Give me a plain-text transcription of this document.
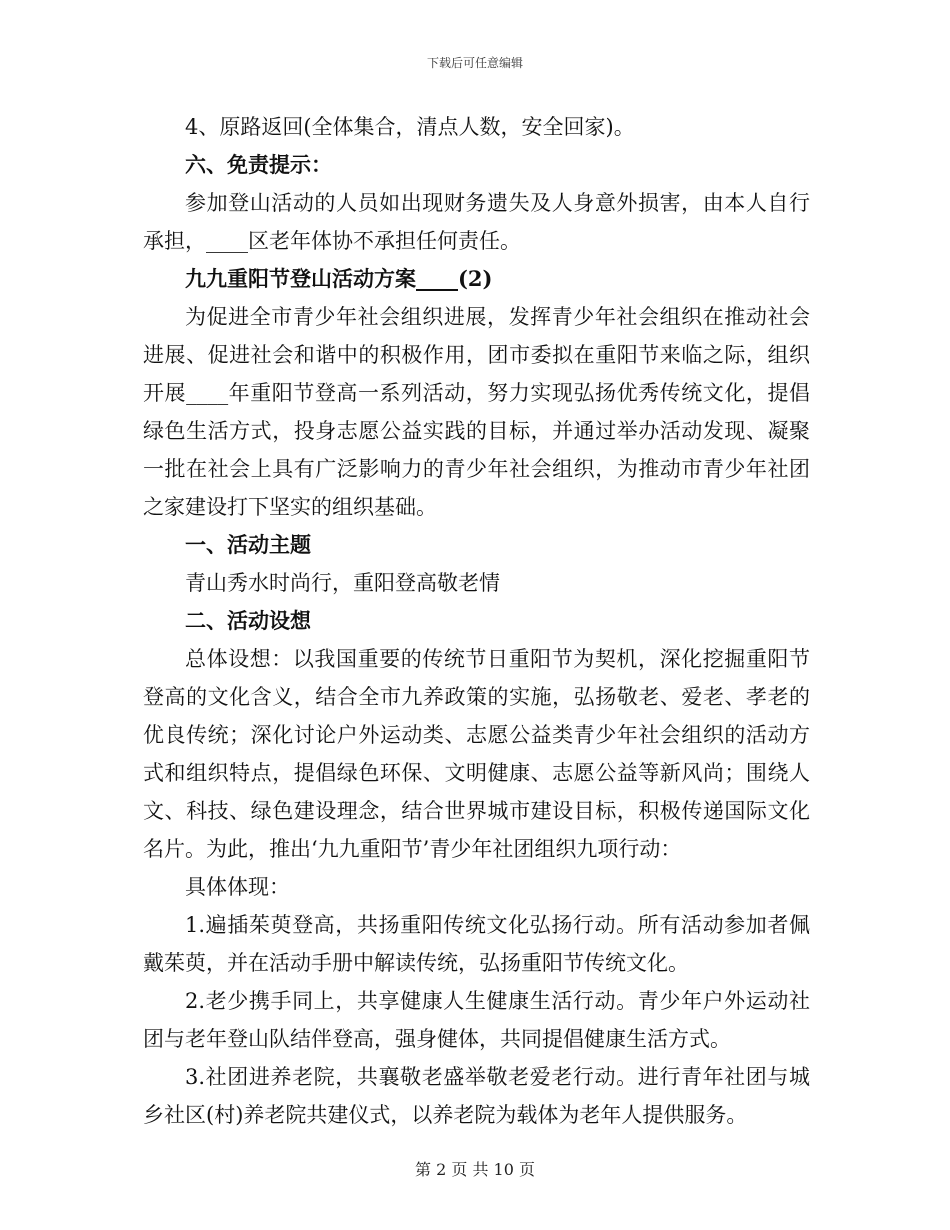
下载后可任意编辑

4、原路返回(全体集合，清点人数，安全回家)。

六、免责提示：

参加登山活动的人员如出现财务遗失及人身意外损害，由本人自行承担，____区老年体协不承担任何责任。

九九重阳节登山活动方案____(2)

为促进全市青少年社会组织进展，发挥青少年社会组织在推动社会进展、促进社会和谐中的积极作用，团市委拟在重阳节来临之际，组织开展____年重阳节登高一系列活动，努力实现弘扬优秀传统文化，提倡绿色生活方式，投身志愿公益实践的目标，并通过举办活动发现、凝聚一批在社会上具有广泛影响力的青少年社会组织，为推动市青少年社团之家建设打下坚实的组织基础。

一、活动主题

青山秀水时尚行，重阳登高敬老情

二、活动设想

总体设想：以我国重要的传统节日重阳节为契机，深化挖掘重阳节登高的文化含义，结合全市九养政策的实施，弘扬敬老、爱老、孝老的优良传统；深化讨论户外运动类、志愿公益类青少年社会组织的活动方式和组织特点，提倡绿色环保、文明健康、志愿公益等新风尚；围绕人文、科技、绿色建设理念，结合世界城市建设目标，积极传递国际文化名片。为此，推出‘九九重阳节’青少年社团组织九项行动：

具体体现：

1.遍插茱萸登高，共扬重阳传统文化弘扬行动。所有活动参加者佩戴茱萸，并在活动手册中解读传统，弘扬重阳节传统文化。

2.老少携手同上，共享健康人生健康生活行动。青少年户外运动社团与老年登山队结伴登高，强身健体，共同提倡健康生活方式。

3.社团进养老院，共襄敬老盛举敬老爱老行动。进行青年社团与城乡社区(村)养老院共建仪式，以养老院为载体为老年人提供服务。

第 2 页 共 10 页
